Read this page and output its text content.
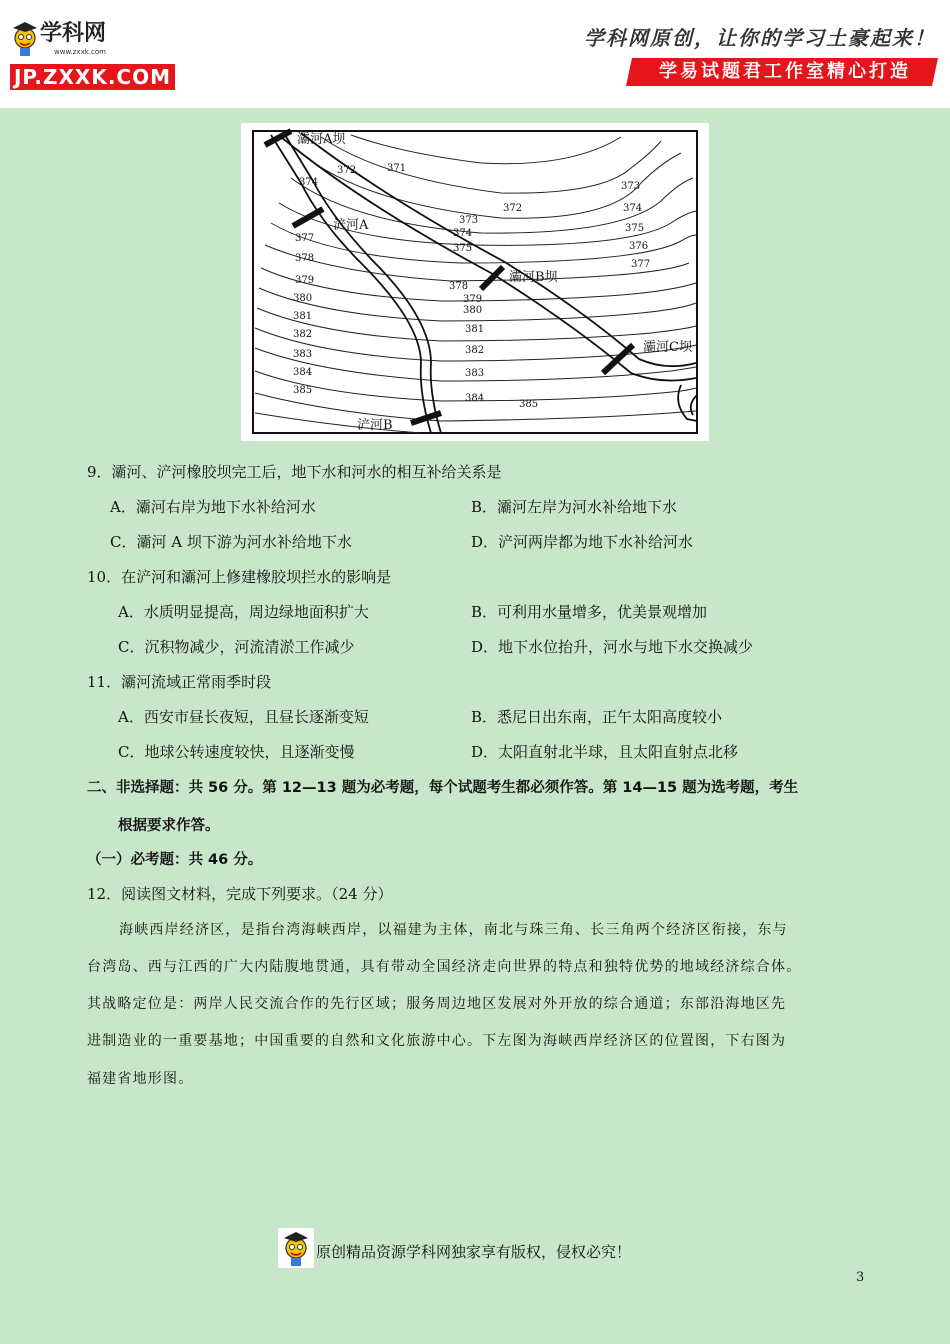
学科网
www.zxxk.com
JP.ZXXK.COM
学科网原创，让你的学习土豪起来！
学易试题君工作室精心打造
灞河A坝
浐河A
灞河B坝
灞河C坝
浐河B
371
372
372
374
373
374
375
373
374
375
376
377
377
378
379
380
381
382
383
384
385
378
379
380
381
382
383
384
385
9．灞河、浐河橡胶坝完工后，地下水和河水的相互补给关系是
A．灞河右岸为地下水补给河水	B．灞河左岸为河水补给地下水
C．灞河 A 坝下游为河水补给地下水	D．浐河两岸都为地下水补给河水
10．在浐河和灞河上修建橡胶坝拦水的影响是
A．水质明显提高，周边绿地面积扩大	B．可利用水量增多，优美景观增加
C．沉积物减少，河流清淤工作减少	D．地下水位抬升，河水与地下水交换减少
11．灞河流域正常雨季时段
A．西安市昼长夜短，且昼长逐渐变短	B．悉尼日出东南，正午太阳高度较小
C．地球公转速度较快，且逐渐变慢	D．太阳直射北半球，且太阳直射点北移
二、非选择题：共 56 分。第 12—13 题为必考题，每个试题考生都必须作答。第 14—15 题为选考题，考生
根据要求作答。
（一）必考题：共 46 分。
12．阅读图文材料，完成下列要求。（24 分）
海峡西岸经济区，是指台湾海峡西岸，以福建为主体，南北与珠三角、长三角两个经济区衔接，东与
台湾岛、西与江西的广大内陆腹地贯通，具有带动全国经济走向世界的特点和独特优势的地域经济综合体。
其战略定位是：两岸人民交流合作的先行区域；服务周边地区发展对外开放的综合通道；东部沿海地区先
进制造业的一重要基地；中国重要的自然和文化旅游中心。下左图为海峡西岸经济区的位置图，下右图为
福建省地形图。
原创精品资源学科网独家享有版权，侵权必究！
3
